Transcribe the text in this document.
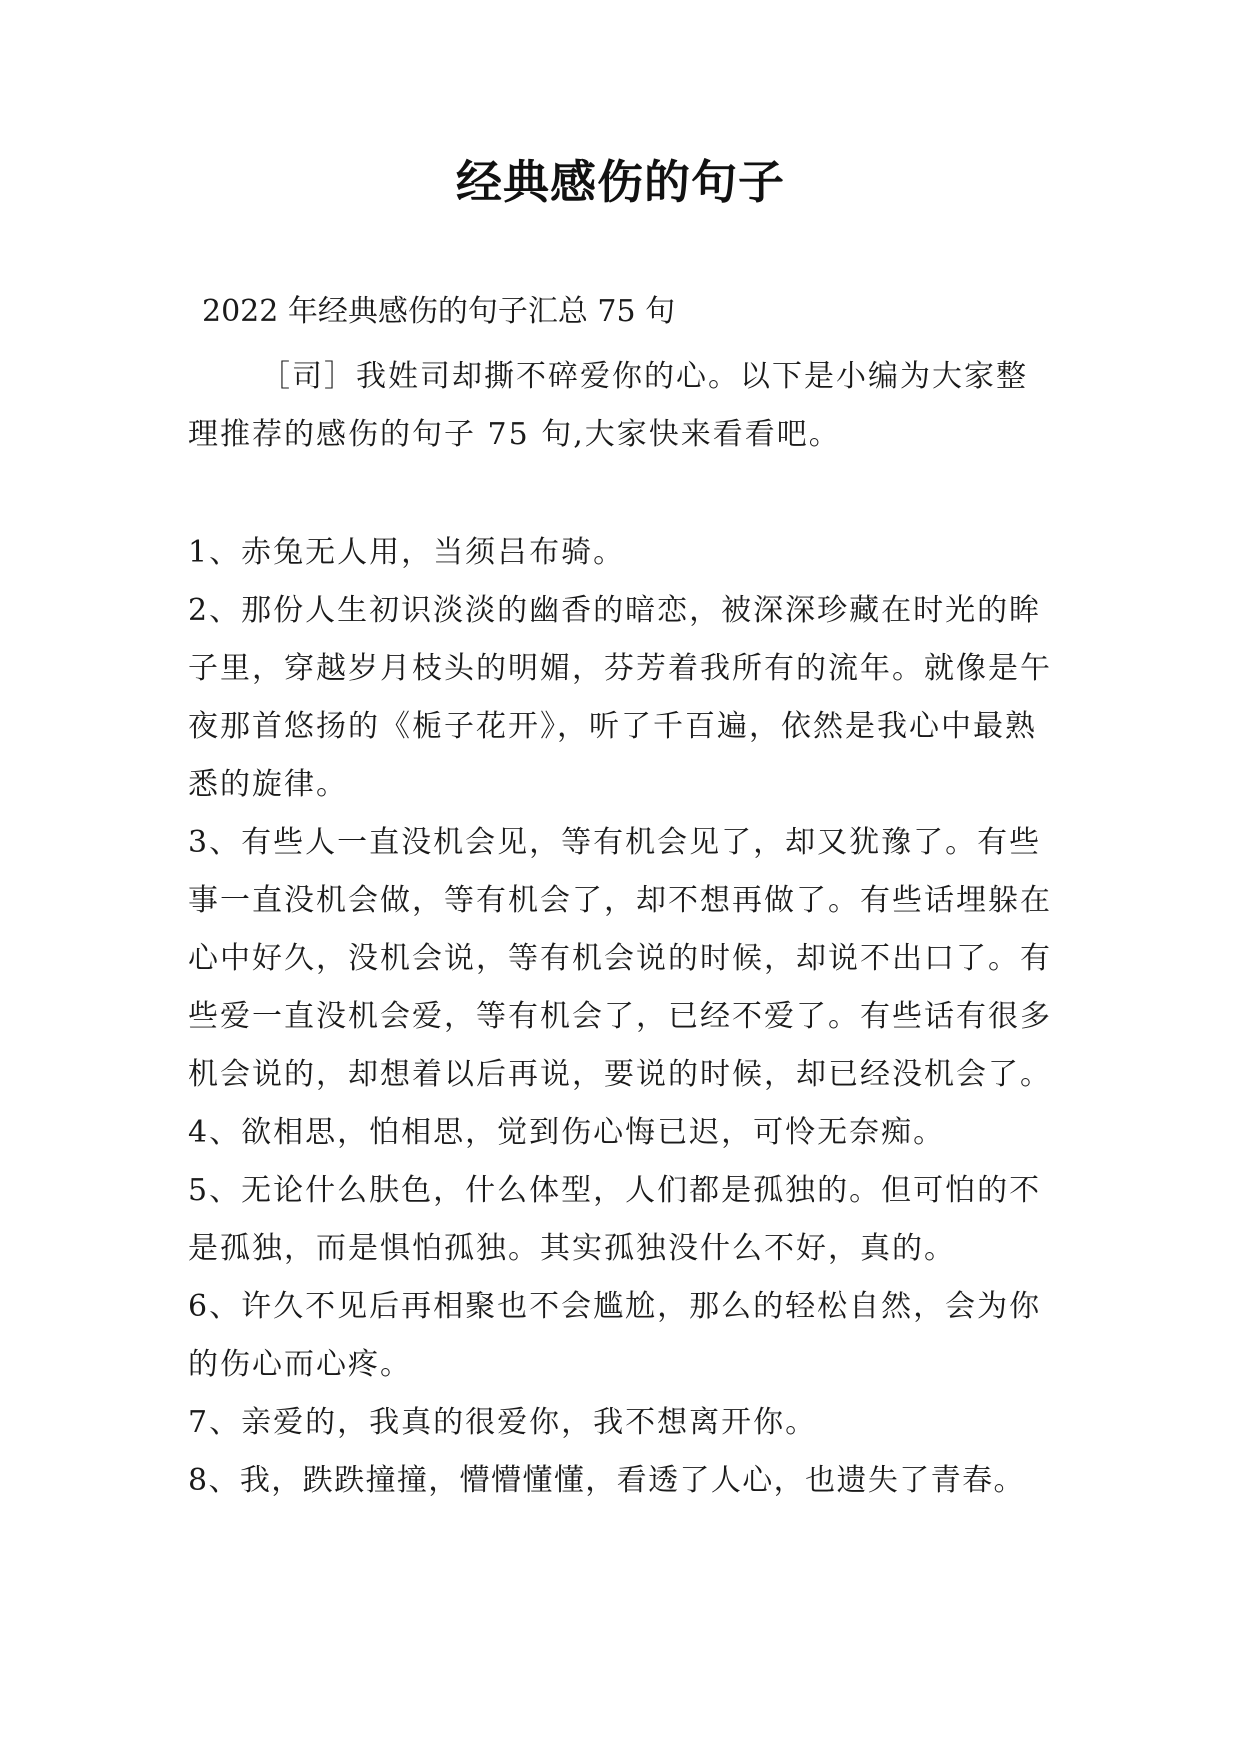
经典感伤的句子
2022 年经典感伤的句子汇总 75 句

［司］我姓司却撕不碎爱你的心。以下是小编为大家整理推荐的感伤的句子 75 句,大家快来看看吧。

1、赤兔无人用，当须吕布骑。
2、那份人生初识淡淡的幽香的暗恋，被深深珍藏在时光的眸子里，穿越岁月枝头的明媚，芬芳着我所有的流年。就像是午夜那首悠扬的《栀子花开》，听了千百遍，依然是我心中最熟悉的旋律。
3、有些人一直没机会见，等有机会见了，却又犹豫了。有些事一直没机会做，等有机会了，却不想再做了。有些话埋躲在心中好久，没机会说，等有机会说的时候，却说不出口了。有些爱一直没机会爱，等有机会了，已经不爱了。有些话有很多机会说的，却想着以后再说，要说的时候，却已经没机会了。
4、欲相思，怕相思，觉到伤心悔已迟，可怜无奈痴。
5、无论什么肤色，什么体型，人们都是孤独的。但可怕的不是孤独，而是惧怕孤独。其实孤独没什么不好，真的。
6、许久不见后再相聚也不会尴尬，那么的轻松自然，会为你的伤心而心疼。
7、亲爱的，我真的很爱你，我不想离开你。
8、我，跌跌撞撞，懵懵懂懂，看透了人心，也遗失了青春。
